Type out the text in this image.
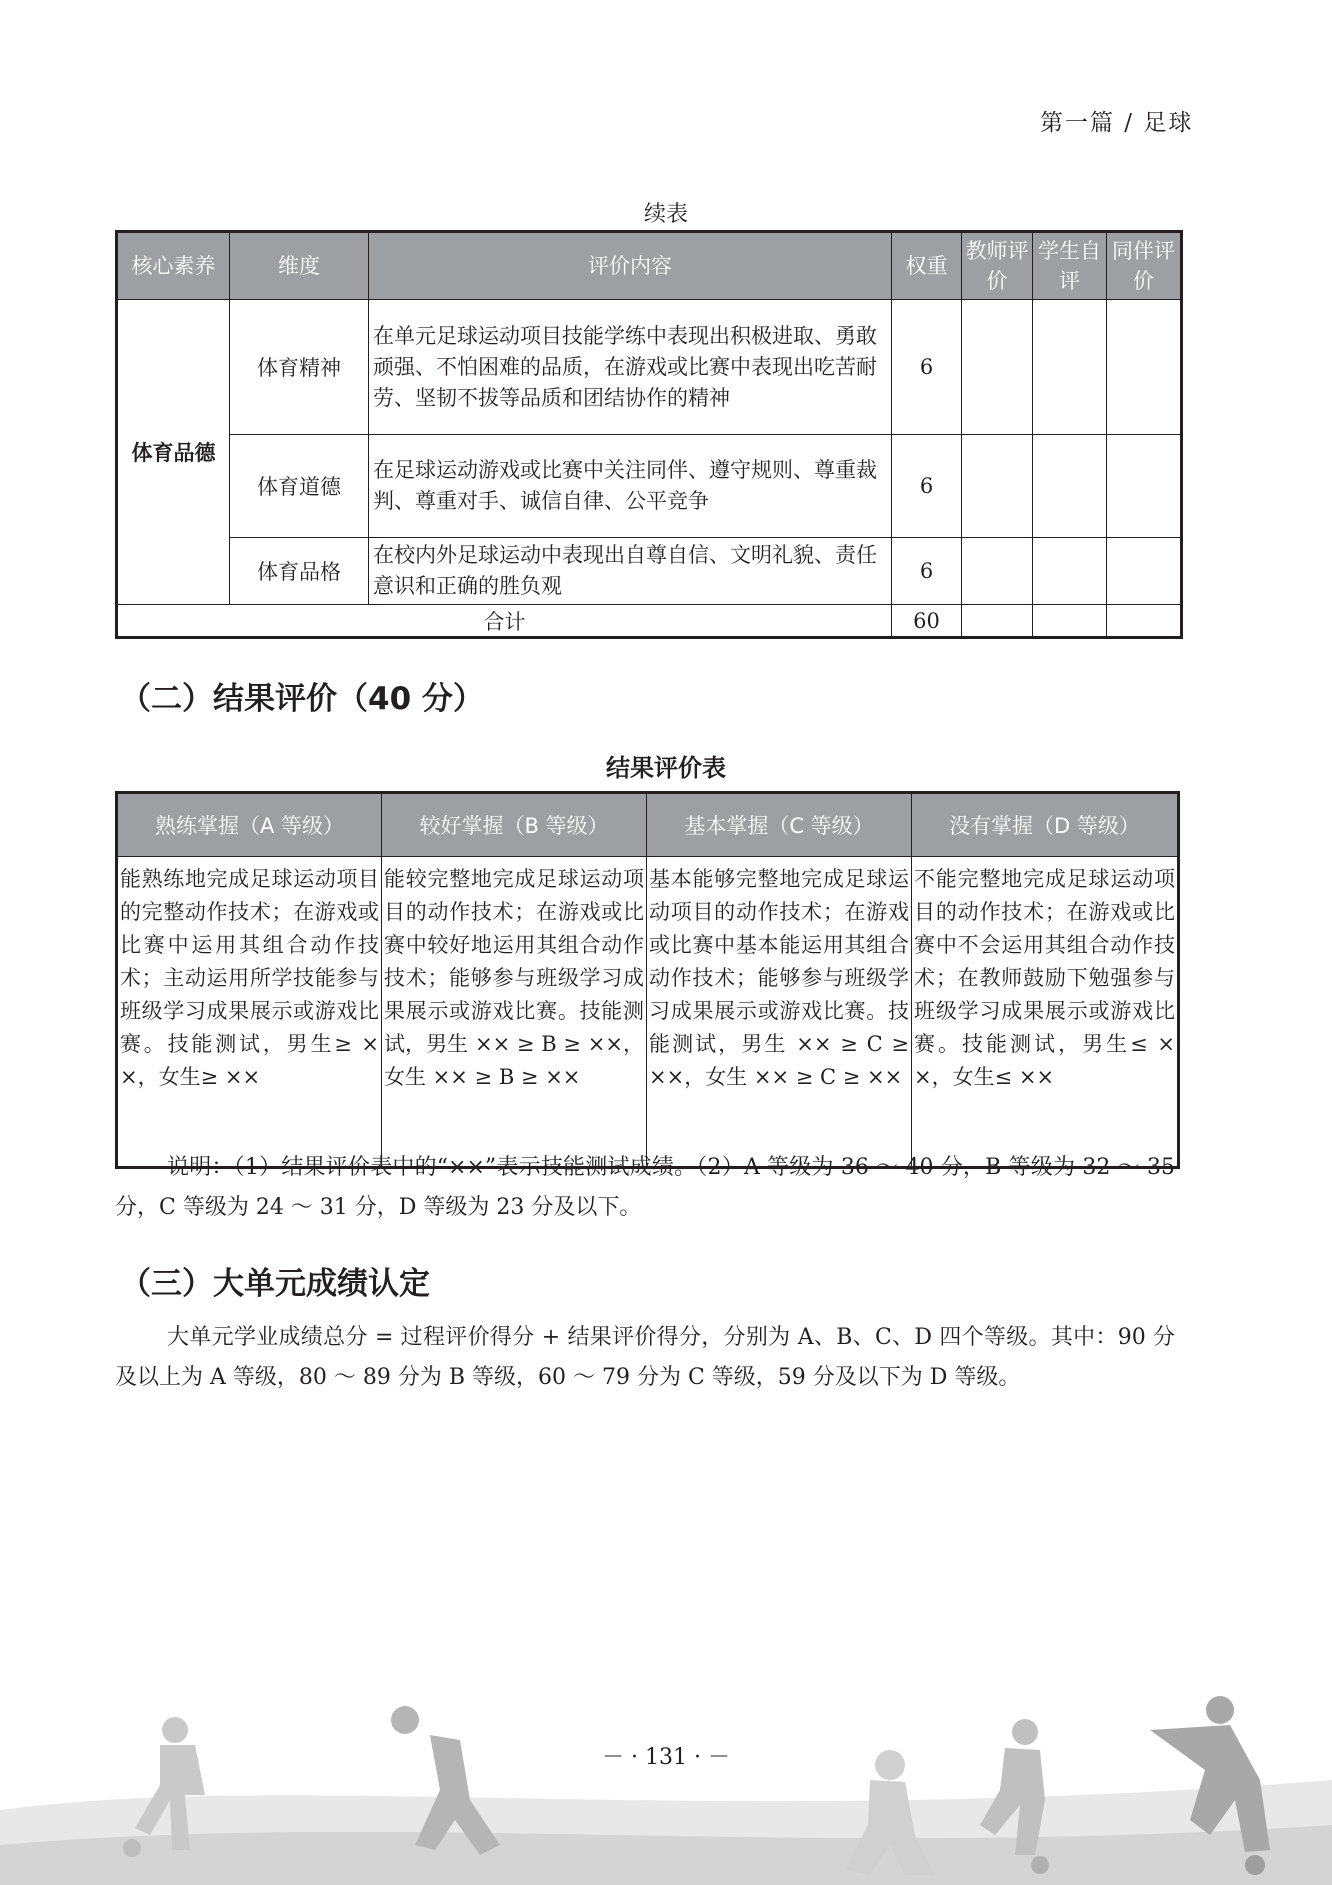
第一篇 / 足球
续表
核心素养	维度	评价内容	权重	教师评价	学生自评	同伴评价
体育品德	体育精神	在单元足球运动项目技能学练中表现出积极进取、勇敢顽强、不怕困难的品质，在游戏或比赛中表现出吃苦耐劳、坚韧不拔等品质和团结协作的精神	6			
	体育道德	在足球运动游戏或比赛中关注同伴、遵守规则、尊重裁判、尊重对手、诚信自律、公平竞争	6			
	体育品格	在校内外足球运动中表现出自尊自信、文明礼貌、责任意识和正确的胜负观	6			
合计			60			
（二）结果评价（40 分）
结果评价表
熟练掌握（A 等级）	较好掌握（B 等级）	基本掌握（C 等级）	没有掌握（D 等级）
能熟练地完成足球运动项目的完整动作技术；在游戏或比赛中运用其组合动作技术；主动运用所学技能参与班级学习成果展示或游戏比赛。技能测试，男生≥ ××，女生≥ ××	能较完整地完成足球运动项目的动作技术；在游戏或比赛中较好地运用其组合动作技术；能够参与班级学习成果展示或游戏比赛。技能测试，男生 ×× ≥ B ≥ ××，女生 ×× ≥ B ≥ ××	基本能够完整地完成足球运动项目的动作技术；在游戏或比赛中基本能运用其组合动作技术；能够参与班级学习成果展示或游戏比赛。技能测试，男生 ×× ≥ C ≥ ××，女生 ×× ≥ C ≥ ××	不能完整地完成足球运动项目的动作技术；在游戏或比赛中不会运用其组合动作技术；在教师鼓励下勉强参与班级学习成果展示或游戏比赛。技能测试，男生≤ ××，女生≤ ××
说明：（1）结果评价表中的“××”表示技能测试成绩。（2）A 等级为 36 ～ 40 分，B 等级为 32 ～ 35 分，C 等级为 24 ～ 31 分，D 等级为 23 分及以下。
（三）大单元成绩认定
大单元学业成绩总分 = 过程评价得分 + 结果评价得分，分别为 A、B、C、D 四个等级。其中：90 分及以上为 A 等级，80 ～ 89 分为 B 等级，60 ～ 79 分为 C 等级，59 分及以下为 D 等级。
－ · 131 · －
